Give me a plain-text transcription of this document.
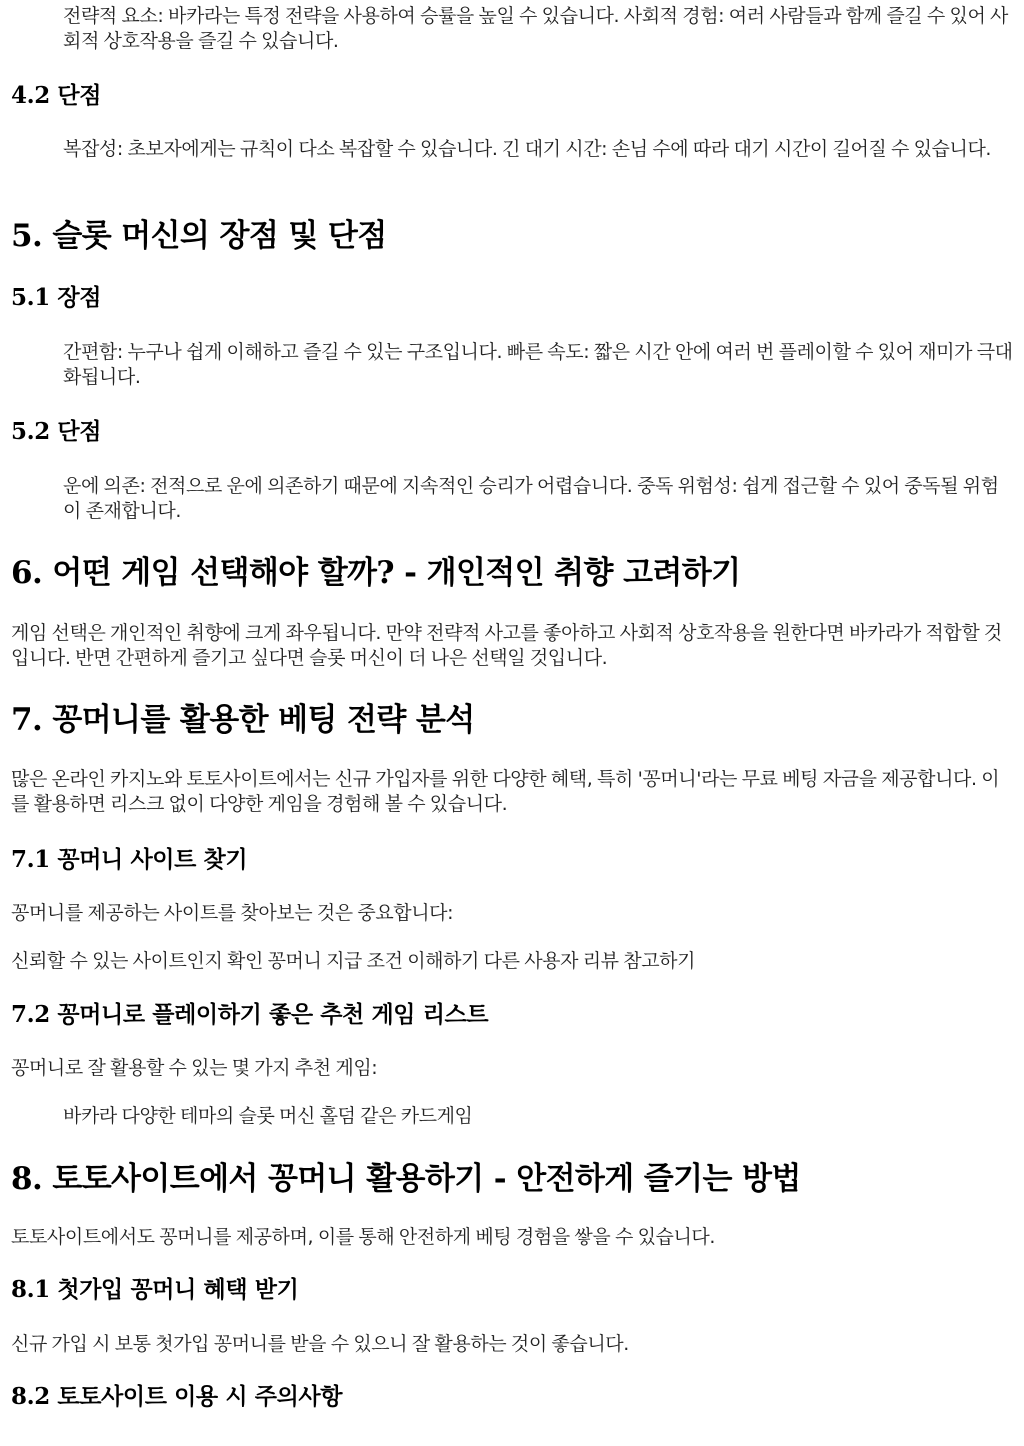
전략적 요소: 바카라는 특정 전략을 사용하여 승률을 높일 수 있습니다. 사회적 경험: 여러 사람들과 함께 즐길 수 있어 사회적 상호작용을 즐길 수 있습니다.

4.2 단점

복잡성: 초보자에게는 규칙이 다소 복잡할 수 있습니다. 긴 대기 시간: 손님 수에 따라 대기 시간이 길어질 수 있습니다.

5. 슬롯 머신의 장점 및 단점
5.1 장점

간편함: 누구나 쉽게 이해하고 즐길 수 있는 구조입니다. 빠른 속도: 짧은 시간 안에 여러 번 플레이할 수 있어 재미가 극대화됩니다.

5.2 단점

운에 의존: 전적으로 운에 의존하기 때문에 지속적인 승리가 어렵습니다. 중독 위험성: 쉽게 접근할 수 있어 중독될 위험이 존재합니다.

6. 어떤 게임 선택해야 할까? - 개인적인 취향 고려하기

게임 선택은 개인적인 취향에 크게 좌우됩니다. 만약 전략적 사고를 좋아하고 사회적 상호작용을 원한다면 바카라가 적합할 것입니다. 반면 간편하게 즐기고 싶다면 슬롯 머신이 더 나은 선택일 것입니다.

7. 꽁머니를 활용한 베팅 전략 분석

많은 온라인 카지노와 토토사이트에서는 신규 가입자를 위한 다양한 혜택, 특히 '꽁머니'라는 무료 베팅 자금을 제공합니다. 이를 활용하면 리스크 없이 다양한 게임을 경험해 볼 수 있습니다.

7.1 꽁머니 사이트 찾기

꽁머니를 제공하는 사이트를 찾아보는 것은 중요합니다:

신뢰할 수 있는 사이트인지 확인 꽁머니 지급 조건 이해하기 다른 사용자 리뷰 참고하기

7.2 꽁머니로 플레이하기 좋은 추천 게임 리스트

꽁머니로 잘 활용할 수 있는 몇 가지 추천 게임:

바카라 다양한 테마의 슬롯 머신 홀덤 같은 카드게임

8. 토토사이트에서 꽁머니 활용하기 - 안전하게 즐기는 방법

토토사이트에서도 꽁머니를 제공하며, 이를 통해 안전하게 베팅 경험을 쌓을 수 있습니다.

8.1 첫가입 꽁머니 혜택 받기

신규 가입 시 보통 첫가입 꽁머니를 받을 수 있으니 잘 활용하는 것이 좋습니다.

8.2 토토사이트 이용 시 주의사항
